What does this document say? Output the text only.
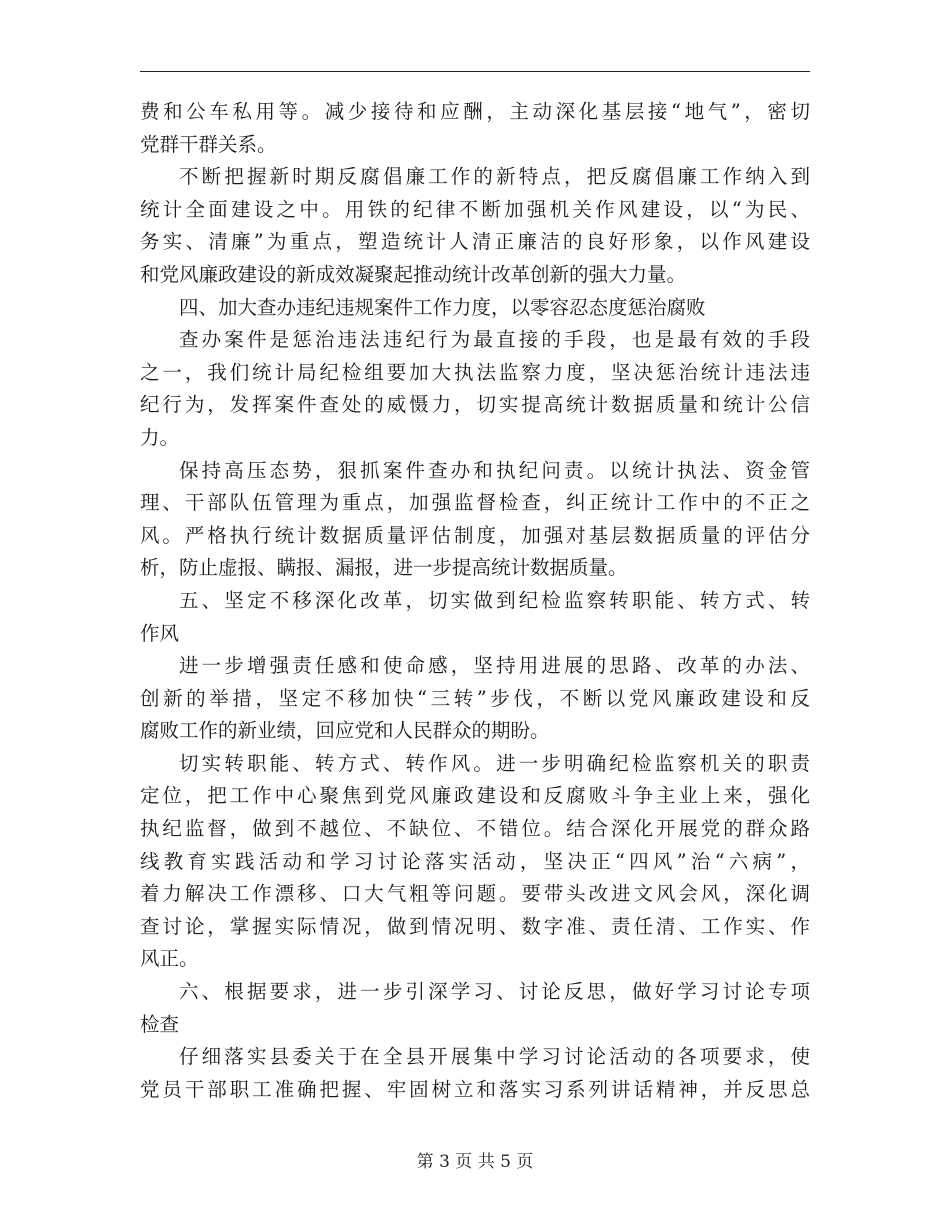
费和公车私用等。减少接待和应酬，主动深化基层接“地气”，密切
党群干群关系。
不断把握新时期反腐倡廉工作的新特点，把反腐倡廉工作纳入到
统计全面建设之中。用铁的纪律不断加强机关作风建设，以“为民、
务实、清廉”为重点，塑造统计人清正廉洁的良好形象，以作风建设
和党风廉政建设的新成效凝聚起推动统计改革创新的强大力量。
四、加大查办违纪违规案件工作力度，以零容忍态度惩治腐败
查办案件是惩治违法违纪行为最直接的手段，也是最有效的手段
之一，我们统计局纪检组要加大执法监察力度，坚决惩治统计违法违
纪行为，发挥案件查处的威慑力，切实提高统计数据质量和统计公信
力。
保持高压态势，狠抓案件查办和执纪问责。以统计执法、资金管
理、干部队伍管理为重点，加强监督检查，纠正统计工作中的不正之
风。严格执行统计数据质量评估制度，加强对基层数据质量的评估分
析，防止虚报、瞒报、漏报，进一步提高统计数据质量。
五、坚定不移深化改革，切实做到纪检监察转职能、转方式、转
作风
进一步增强责任感和使命感，坚持用进展的思路、改革的办法、
创新的举措，坚定不移加快“三转”步伐，不断以党风廉政建设和反
腐败工作的新业绩，回应党和人民群众的期盼。
切实转职能、转方式、转作风。进一步明确纪检监察机关的职责
定位，把工作中心聚焦到党风廉政建设和反腐败斗争主业上来，强化
执纪监督，做到不越位、不缺位、不错位。结合深化开展党的群众路
线教育实践活动和学习讨论落实活动，坚决正“四风”治“六病”，
着力解决工作漂移、口大气粗等问题。要带头改进文风会风，深化调
查讨论，掌握实际情况，做到情况明、数字准、责任清、工作实、作
风正。
六、根据要求，进一步引深学习、讨论反思，做好学习讨论专项
检查
仔细落实县委关于在全县开展集中学习讨论活动的各项要求，使
党员干部职工准确把握、牢固树立和落实习系列讲话精神，并反思总
第 3 页 共 5 页
